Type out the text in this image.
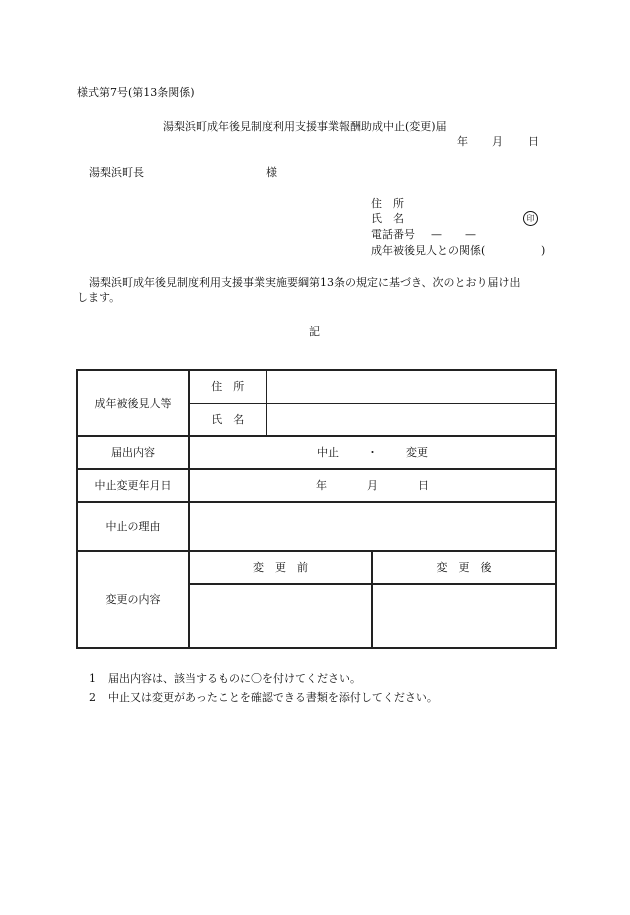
様式第7号(第13条関係)
湯梨浜町成年後見制度利用支援事業報酬助成中止(変更)届
年 月 日
湯梨浜町長	様
住　所
氏　名	印
電話番号 — —
成年被後見人との関係(	)
湯梨浜町成年後見制度利用支援事業実施要綱第13条の規定に基づき、次のとおり届け出
します。
記
成年被後見人等	住　所		
	氏　名		
届出内容	中止 ・ 変更		
中止変更年月日	年 月 日		
中止の理由			
変更の内容	変　更　前		変　更　後

1 届出内容は、該当するものに〇を付けてください。
2 中止又は変更があったことを確認できる書類を添付してください。
